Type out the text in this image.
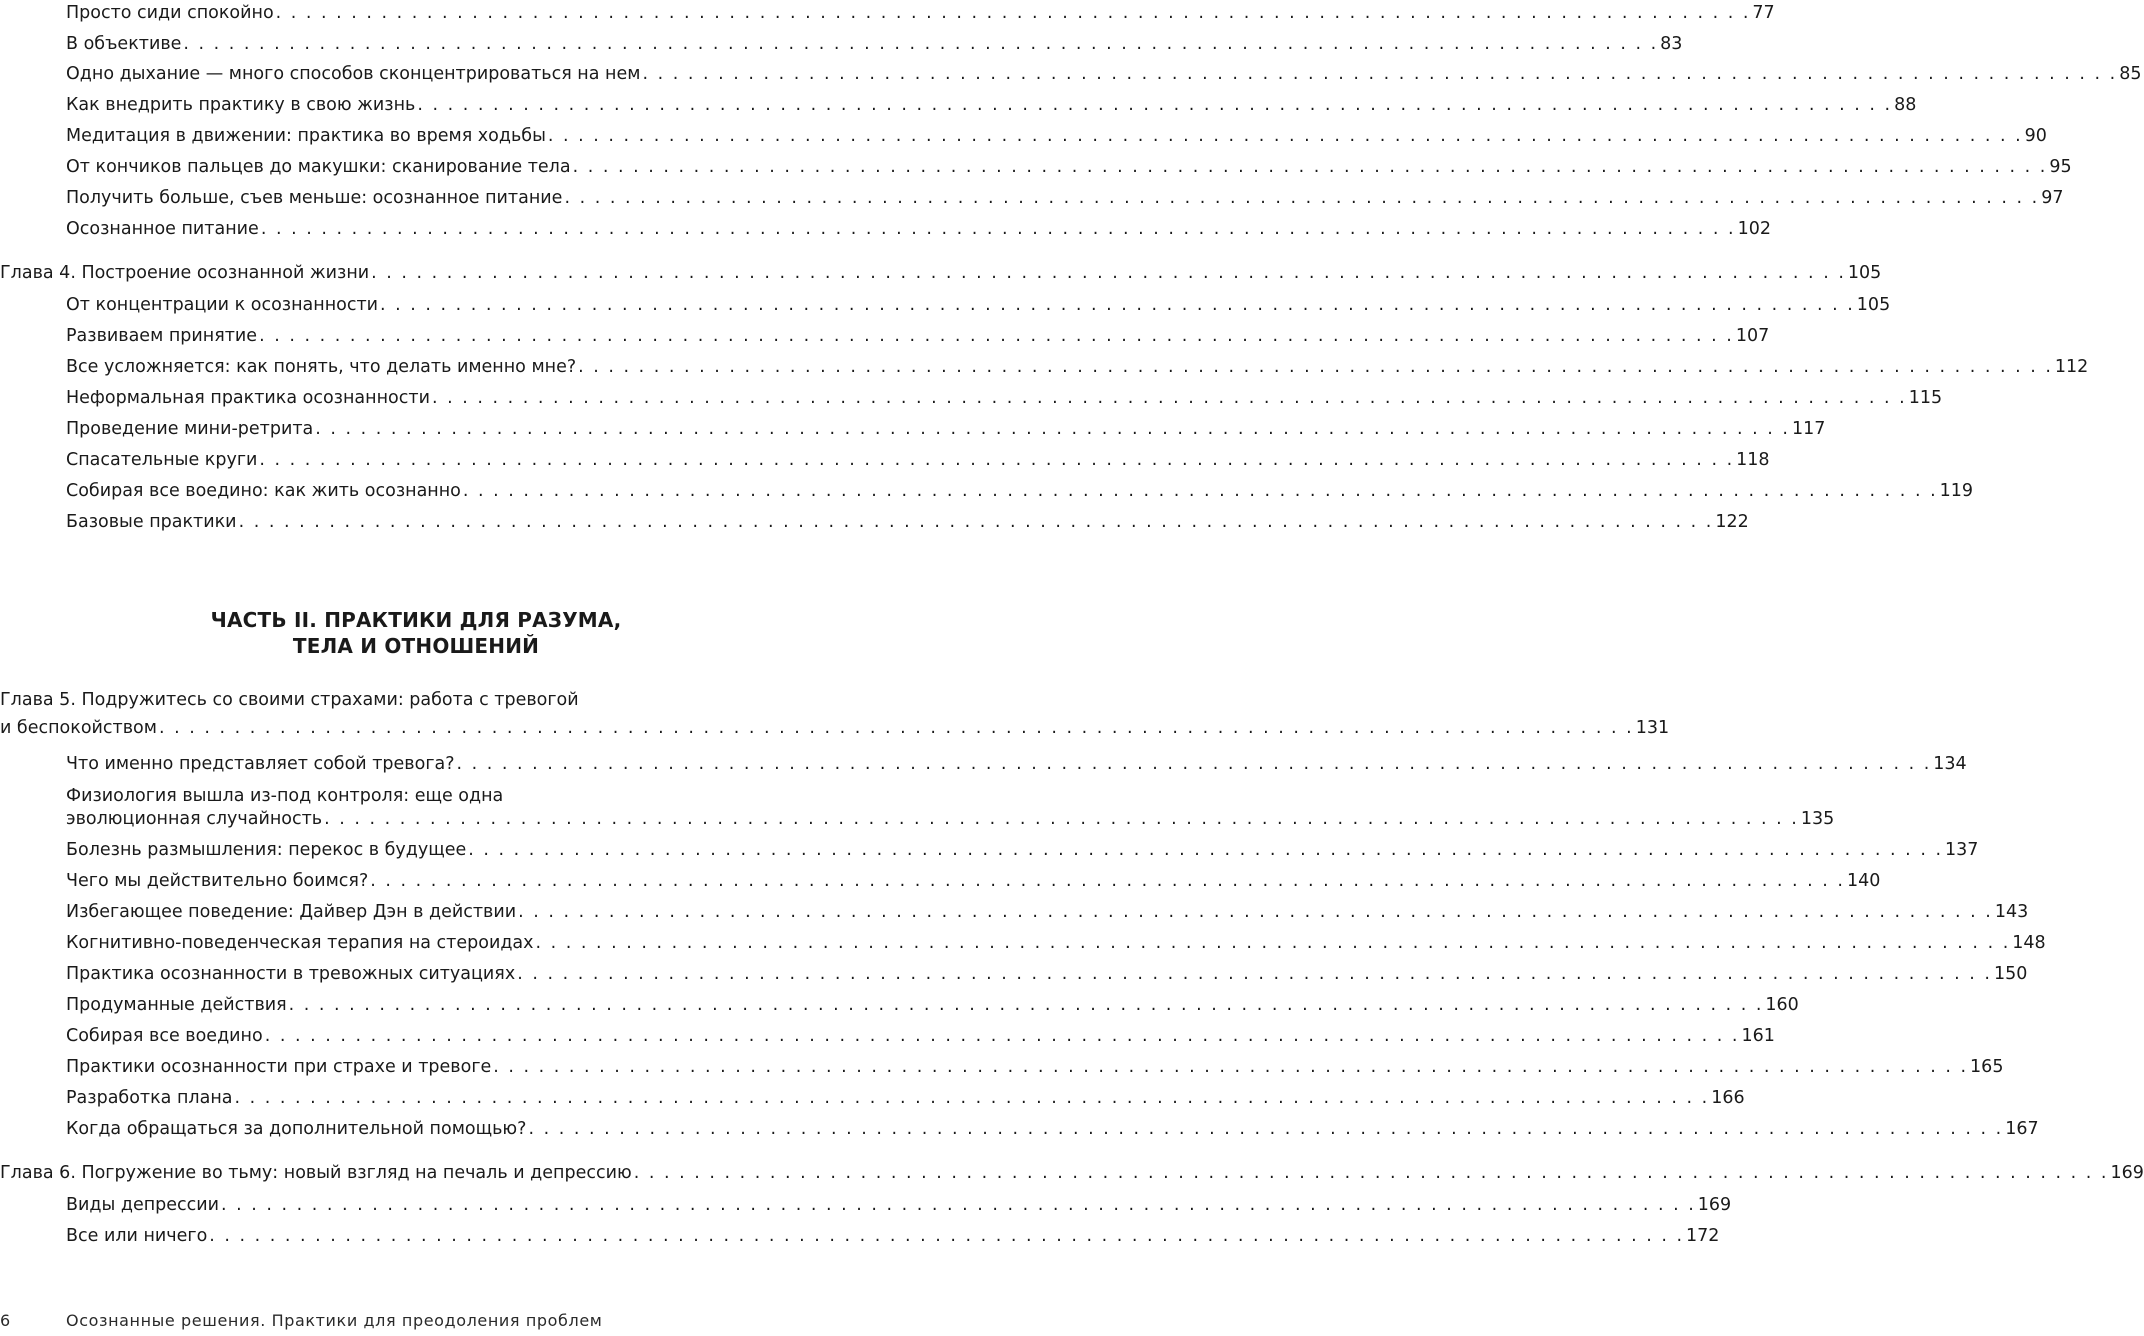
Просто сиди спокойно . . . . . . . . . . . . . . . . . . . . . . . . . . . . . . . . . . . . . . . . . . . . . . . . . . . . . . . . . . . . . . . . . . . . . . . . . . . . . . . . . . . . . . . . . . . . . . . . . . 77
В объективе . . . . . . . . . . . . . . . . . . . . . . . . . . . . . . . . . . . . . . . . . . . . . . . . . . . . . . . . . . . . . . . . . . . . . . . . . . . . . . . . . . . . . . . . . . . . . . . . . . 83
Одно дыхание — много способов сконцентрироваться на нем . . . . . . . . . . . . . . . . . . . . . . . . . . . . . . . . . . . . . . . . . . . . . . . . . . . . . . . . . . . . . . . . . . . . . . . . . . . . . . . . . . . . . . . . . . . . . . . . . . 85
Как внедрить практику в свою жизнь . . . . . . . . . . . . . . . . . . . . . . . . . . . . . . . . . . . . . . . . . . . . . . . . . . . . . . . . . . . . . . . . . . . . . . . . . . . . . . . . . . . . . . . . . . . . . . . . . . 88
Медитация в движении: практика во время ходьбы . . . . . . . . . . . . . . . . . . . . . . . . . . . . . . . . . . . . . . . . . . . . . . . . . . . . . . . . . . . . . . . . . . . . . . . . . . . . . . . . . . . . . . . . . . . . . . . . . . 90
От кончиков пальцев до макушки: сканирование тела . . . . . . . . . . . . . . . . . . . . . . . . . . . . . . . . . . . . . . . . . . . . . . . . . . . . . . . . . . . . . . . . . . . . . . . . . . . . . . . . . . . . . . . . . . . . . . . . . . 95
Получить больше, съев меньше: осознанное питание . . . . . . . . . . . . . . . . . . . . . . . . . . . . . . . . . . . . . . . . . . . . . . . . . . . . . . . . . . . . . . . . . . . . . . . . . . . . . . . . . . . . . . . . . . . . . . . . . . 97
Осознанное питание . . . . . . . . . . . . . . . . . . . . . . . . . . . . . . . . . . . . . . . . . . . . . . . . . . . . . . . . . . . . . . . . . . . . . . . . . . . . . . . . . . . . . . . . . . . . . . . . . . 102
Глава 4. Построение осознанной жизни . . . . . . . . . . . . . . . . . . . . . . . . . . . . . . . . . . . . . . . . . . . . . . . . . . . . . . . . . . . . . . . . . . . . . . . . . . . . . . . . . . . . . . . . . . . . . . . . . . 105
От концентрации к осознанности . . . . . . . . . . . . . . . . . . . . . . . . . . . . . . . . . . . . . . . . . . . . . . . . . . . . . . . . . . . . . . . . . . . . . . . . . . . . . . . . . . . . . . . . . . . . . . . . . . 105
Развиваем принятие . . . . . . . . . . . . . . . . . . . . . . . . . . . . . . . . . . . . . . . . . . . . . . . . . . . . . . . . . . . . . . . . . . . . . . . . . . . . . . . . . . . . . . . . . . . . . . . . . . 107
Все усложняется: как понять, что делать именно мне? . . . . . . . . . . . . . . . . . . . . . . . . . . . . . . . . . . . . . . . . . . . . . . . . . . . . . . . . . . . . . . . . . . . . . . . . . . . . . . . . . . . . . . . . . . . . . . . . . . 112
Неформальная практика осознанности . . . . . . . . . . . . . . . . . . . . . . . . . . . . . . . . . . . . . . . . . . . . . . . . . . . . . . . . . . . . . . . . . . . . . . . . . . . . . . . . . . . . . . . . . . . . . . . . . . 115
Проведение мини-ретрита . . . . . . . . . . . . . . . . . . . . . . . . . . . . . . . . . . . . . . . . . . . . . . . . . . . . . . . . . . . . . . . . . . . . . . . . . . . . . . . . . . . . . . . . . . . . . . . . . . 117
Спасательные круги . . . . . . . . . . . . . . . . . . . . . . . . . . . . . . . . . . . . . . . . . . . . . . . . . . . . . . . . . . . . . . . . . . . . . . . . . . . . . . . . . . . . . . . . . . . . . . . . . . 118
Собирая все воедино: как жить осознанно . . . . . . . . . . . . . . . . . . . . . . . . . . . . . . . . . . . . . . . . . . . . . . . . . . . . . . . . . . . . . . . . . . . . . . . . . . . . . . . . . . . . . . . . . . . . . . . . . . 119
Базовые практики . . . . . . . . . . . . . . . . . . . . . . . . . . . . . . . . . . . . . . . . . . . . . . . . . . . . . . . . . . . . . . . . . . . . . . . . . . . . . . . . . . . . . . . . . . . . . . . . . . 122
ЧАСТЬ II. ПРАКТИКИ ДЛЯ РАЗУМА,
ТЕЛА И ОТНОШЕНИЙ
Глава 5. Подружитесь со своими страхами: работа с тревогой
и беспокойством . . . . . . . . . . . . . . . . . . . . . . . . . . . . . . . . . . . . . . . . . . . . . . . . . . . . . . . . . . . . . . . . . . . . . . . . . . . . . . . . . . . . . . . . . . . . . . . . . . 131
Что именно представляет собой тревога? . . . . . . . . . . . . . . . . . . . . . . . . . . . . . . . . . . . . . . . . . . . . . . . . . . . . . . . . . . . . . . . . . . . . . . . . . . . . . . . . . . . . . . . . . . . . . . . . . . 134
Физиология вышла из-под контроля: еще одна
эволюционная случайность . . . . . . . . . . . . . . . . . . . . . . . . . . . . . . . . . . . . . . . . . . . . . . . . . . . . . . . . . . . . . . . . . . . . . . . . . . . . . . . . . . . . . . . . . . . . . . . . . . 135
Болезнь размышления: перекос в будущее . . . . . . . . . . . . . . . . . . . . . . . . . . . . . . . . . . . . . . . . . . . . . . . . . . . . . . . . . . . . . . . . . . . . . . . . . . . . . . . . . . . . . . . . . . . . . . . . . . 137
Чего мы действительно боимся? . . . . . . . . . . . . . . . . . . . . . . . . . . . . . . . . . . . . . . . . . . . . . . . . . . . . . . . . . . . . . . . . . . . . . . . . . . . . . . . . . . . . . . . . . . . . . . . . . . 140
Избегающее поведение: Дайвер Дэн в действии . . . . . . . . . . . . . . . . . . . . . . . . . . . . . . . . . . . . . . . . . . . . . . . . . . . . . . . . . . . . . . . . . . . . . . . . . . . . . . . . . . . . . . . . . . . . . . . . . . 143
Когнитивно-поведенческая терапия на стероидах . . . . . . . . . . . . . . . . . . . . . . . . . . . . . . . . . . . . . . . . . . . . . . . . . . . . . . . . . . . . . . . . . . . . . . . . . . . . . . . . . . . . . . . . . . . . . . . . . . 148
Практика осознанности в тревожных ситуациях . . . . . . . . . . . . . . . . . . . . . . . . . . . . . . . . . . . . . . . . . . . . . . . . . . . . . . . . . . . . . . . . . . . . . . . . . . . . . . . . . . . . . . . . . . . . . . . . . . 150
Продуманные действия . . . . . . . . . . . . . . . . . . . . . . . . . . . . . . . . . . . . . . . . . . . . . . . . . . . . . . . . . . . . . . . . . . . . . . . . . . . . . . . . . . . . . . . . . . . . . . . . . . 160
Собирая все воедино . . . . . . . . . . . . . . . . . . . . . . . . . . . . . . . . . . . . . . . . . . . . . . . . . . . . . . . . . . . . . . . . . . . . . . . . . . . . . . . . . . . . . . . . . . . . . . . . . . 161
Практики осознанности при страхе и тревоге . . . . . . . . . . . . . . . . . . . . . . . . . . . . . . . . . . . . . . . . . . . . . . . . . . . . . . . . . . . . . . . . . . . . . . . . . . . . . . . . . . . . . . . . . . . . . . . . . . 165
Разработка плана . . . . . . . . . . . . . . . . . . . . . . . . . . . . . . . . . . . . . . . . . . . . . . . . . . . . . . . . . . . . . . . . . . . . . . . . . . . . . . . . . . . . . . . . . . . . . . . . . . 166
Когда обращаться за дополнительной помощью? . . . . . . . . . . . . . . . . . . . . . . . . . . . . . . . . . . . . . . . . . . . . . . . . . . . . . . . . . . . . . . . . . . . . . . . . . . . . . . . . . . . . . . . . . . . . . . . . . . 167
Глава 6. Погружение во тьму: новый взгляд на печаль и депрессию . . . . . . . . . . . . . . . . . . . . . . . . . . . . . . . . . . . . . . . . . . . . . . . . . . . . . . . . . . . . . . . . . . . . . . . . . . . . . . . . . . . . . . . . . . . . . . . . . . 169
Виды депрессии . . . . . . . . . . . . . . . . . . . . . . . . . . . . . . . . . . . . . . . . . . . . . . . . . . . . . . . . . . . . . . . . . . . . . . . . . . . . . . . . . . . . . . . . . . . . . . . . . . 169
Все или ничего . . . . . . . . . . . . . . . . . . . . . . . . . . . . . . . . . . . . . . . . . . . . . . . . . . . . . . . . . . . . . . . . . . . . . . . . . . . . . . . . . . . . . . . . . . . . . . . . . . 172
6	Осознанные решения. Практики для преодоления проблем
